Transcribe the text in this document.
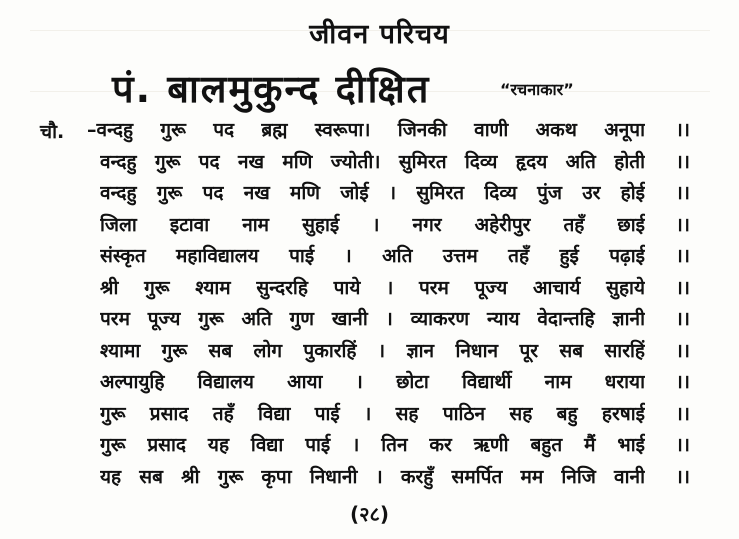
जीवन परिचय
पं. बालमुकुन्द दीक्षित	“रचनाकार”
चौ. –वन्दहु गुरू पद ब्रह्म स्वरूपा। जिनकी वाणी अकथ अनूपा ।।
वन्दहु गुरू पद नख मणि ज्योती। सुमिरत दिव्य हृदय अति होती ।।
वन्दहु गुरू पद नख मणि जोई । सुमिरत दिव्य पुंज उर होई ।।
जिला इटावा नाम सुहाई । नगर अहेरीपुर तहँ छाई ।।
संस्कृत महाविद्यालय पाई । अति उत्तम तहँ हुई पढ़ाई ।।
श्री गुरू श्याम सुन्दरहि पाये । परम पूज्य आचार्य सुहाये ।।
परम पूज्य गुरू अति गुण खानी । व्याकरण न्याय वेदान्तहि ज्ञानी ।।
श्यामा गुरू सब लोग पुकारहिं । ज्ञान निधान पूर सब सारहिं ।।
अल्पायुहि विद्यालय आया । छोटा विद्यार्थी नाम धराया ।।
गुरू प्रसाद तहँ विद्या पाई । सह पाठिन सह बहु हरषाई ।।
गुरू प्रसाद यह विद्या पाई । तिन कर ऋणी बहुत मैं भाई ।।
यह सब श्री गुरू कृपा निधानी । करहुँ समर्पित मम निजि वानी ।।
(२८)
